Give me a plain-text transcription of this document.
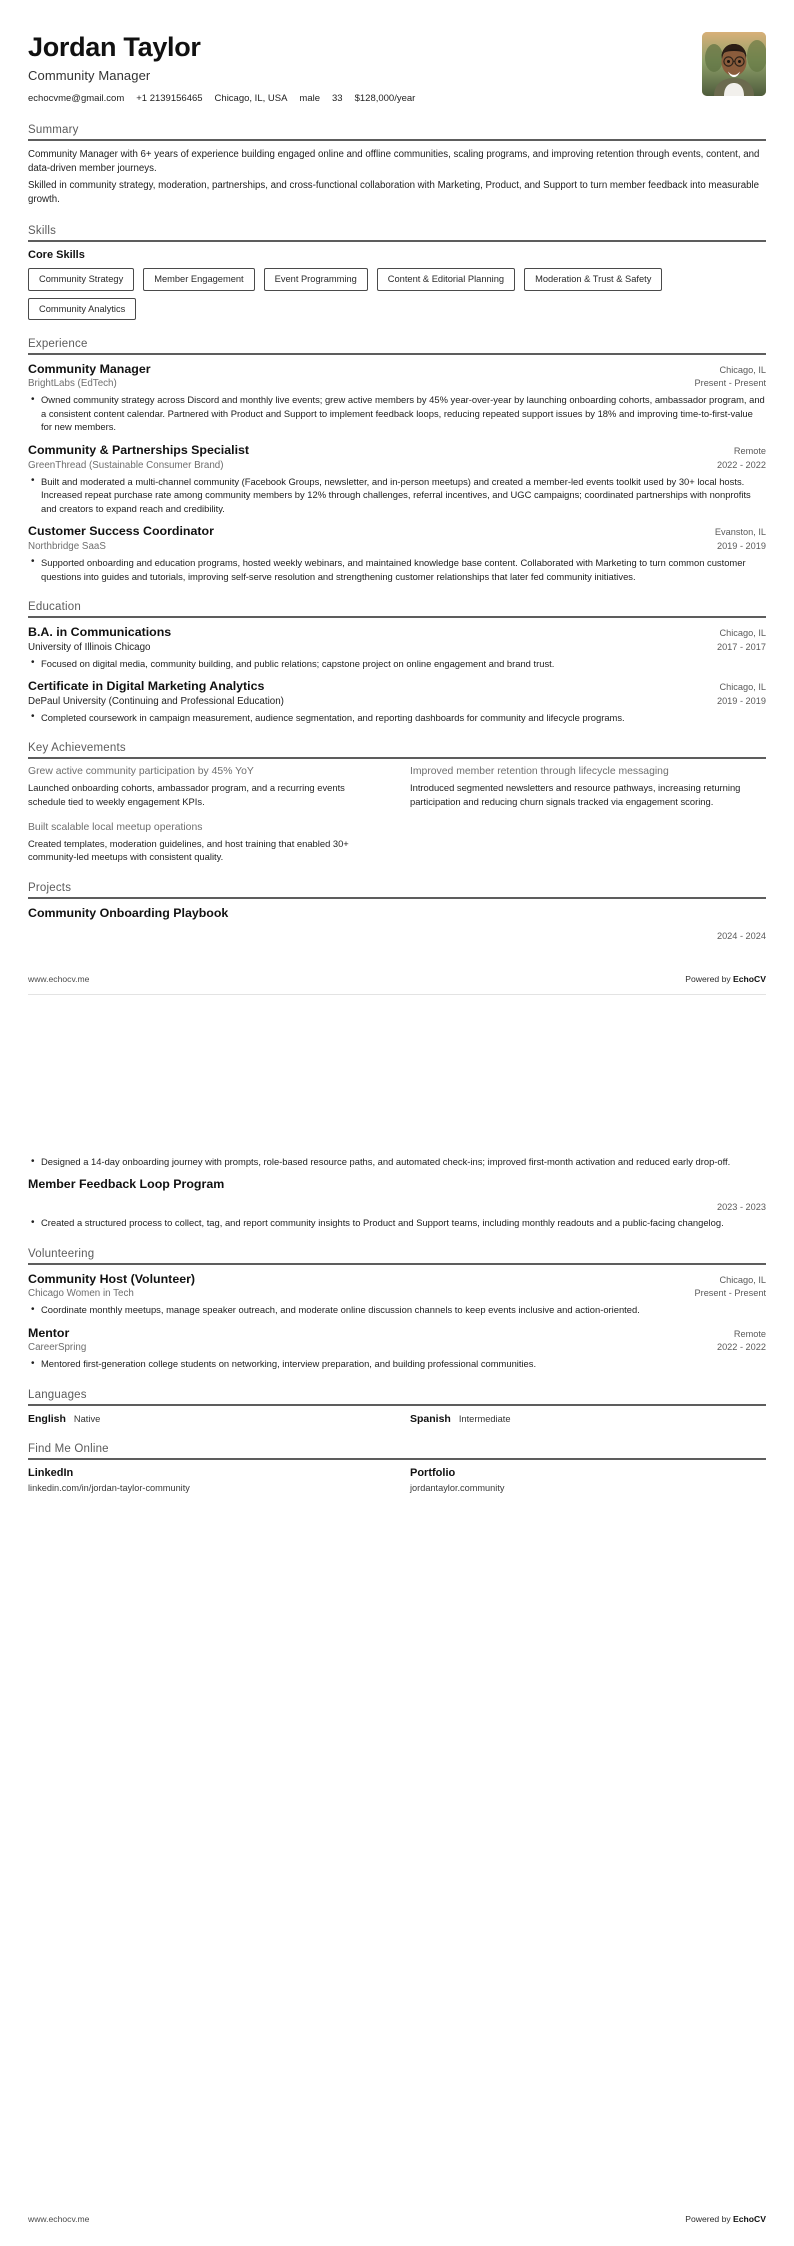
Jordan Taylor
Community Manager
echocvme@gmail.com +1 2139156465 Chicago, IL, USA male 33 $128,000/year
Summary
Community Manager with 6+ years of experience building engaged online and offline communities, scaling programs, and improving retention through events, content, and data-driven member journeys.
Skilled in community strategy, moderation, partnerships, and cross-functional collaboration with Marketing, Product, and Support to turn member feedback into measurable growth.
Skills
Core Skills
Community Strategy	Member Engagement	Event Programming	Content & Editorial Planning	Moderation & Trust & Safety
Community Analytics
Experience
Community Manager	Chicago, IL
BrightLabs (EdTech)	Present - Present
• Owned community strategy across Discord and monthly live events; grew active members by 45% year-over-year by launching onboarding cohorts, ambassador program, and a consistent content calendar. Partnered with Product and Support to implement feedback loops, reducing repeated support issues by 18% and improving time-to-first-value for new members.
Community & Partnerships Specialist	Remote
GreenThread (Sustainable Consumer Brand)	2022 - 2022
• Built and moderated a multi-channel community (Facebook Groups, newsletter, and in-person meetups) and created a member-led events toolkit used by 30+ local hosts. Increased repeat purchase rate among community members by 12% through challenges, referral incentives, and UGC campaigns; coordinated partnerships with nonprofits and creators to expand reach and credibility.
Customer Success Coordinator	Evanston, IL
Northbridge SaaS	2019 - 2019
• Supported onboarding and education programs, hosted weekly webinars, and maintained knowledge base content. Collaborated with Marketing to turn common customer questions into guides and tutorials, improving self-serve resolution and strengthening customer relationships that later fed community initiatives.
Education
B.A. in Communications	Chicago, IL
University of Illinois Chicago	2017 - 2017
• Focused on digital media, community building, and public relations; capstone project on online engagement and brand trust.
Certificate in Digital Marketing Analytics	Chicago, IL
DePaul University (Continuing and Professional Education)	2019 - 2019
• Completed coursework in campaign measurement, audience segmentation, and reporting dashboards for community and lifecycle programs.
Key Achievements
Grew active community participation by 45% YoY
Launched onboarding cohorts, ambassador program, and a recurring events schedule tied to weekly engagement KPIs.
Improved member retention through lifecycle messaging
Introduced segmented newsletters and resource pathways, increasing returning participation and reducing churn signals tracked via engagement scoring.
Built scalable local meetup operations
Created templates, moderation guidelines, and host training that enabled 30+ community-led meetups with consistent quality.
Projects
Community Onboarding Playbook
2024 - 2024
www.echocv.me	Powered by EchoCV
• Designed a 14-day onboarding journey with prompts, role-based resource paths, and automated check-ins; improved first-month activation and reduced early drop-off.
Member Feedback Loop Program
2023 - 2023
• Created a structured process to collect, tag, and report community insights to Product and Support teams, including monthly readouts and a public-facing changelog.
Volunteering
Community Host (Volunteer)	Chicago, IL
Chicago Women in Tech	Present - Present
• Coordinate monthly meetups, manage speaker outreach, and moderate online discussion channels to keep events inclusive and action-oriented.
Mentor	Remote
CareerSpring	2022 - 2022
• Mentored first-generation college students on networking, interview preparation, and building professional communities.
Languages
English Native	Spanish Intermediate
Find Me Online
LinkedIn
linkedin.com/in/jordan-taylor-community
Portfolio
jordantaylor.community
www.echocv.me	Powered by EchoCV
